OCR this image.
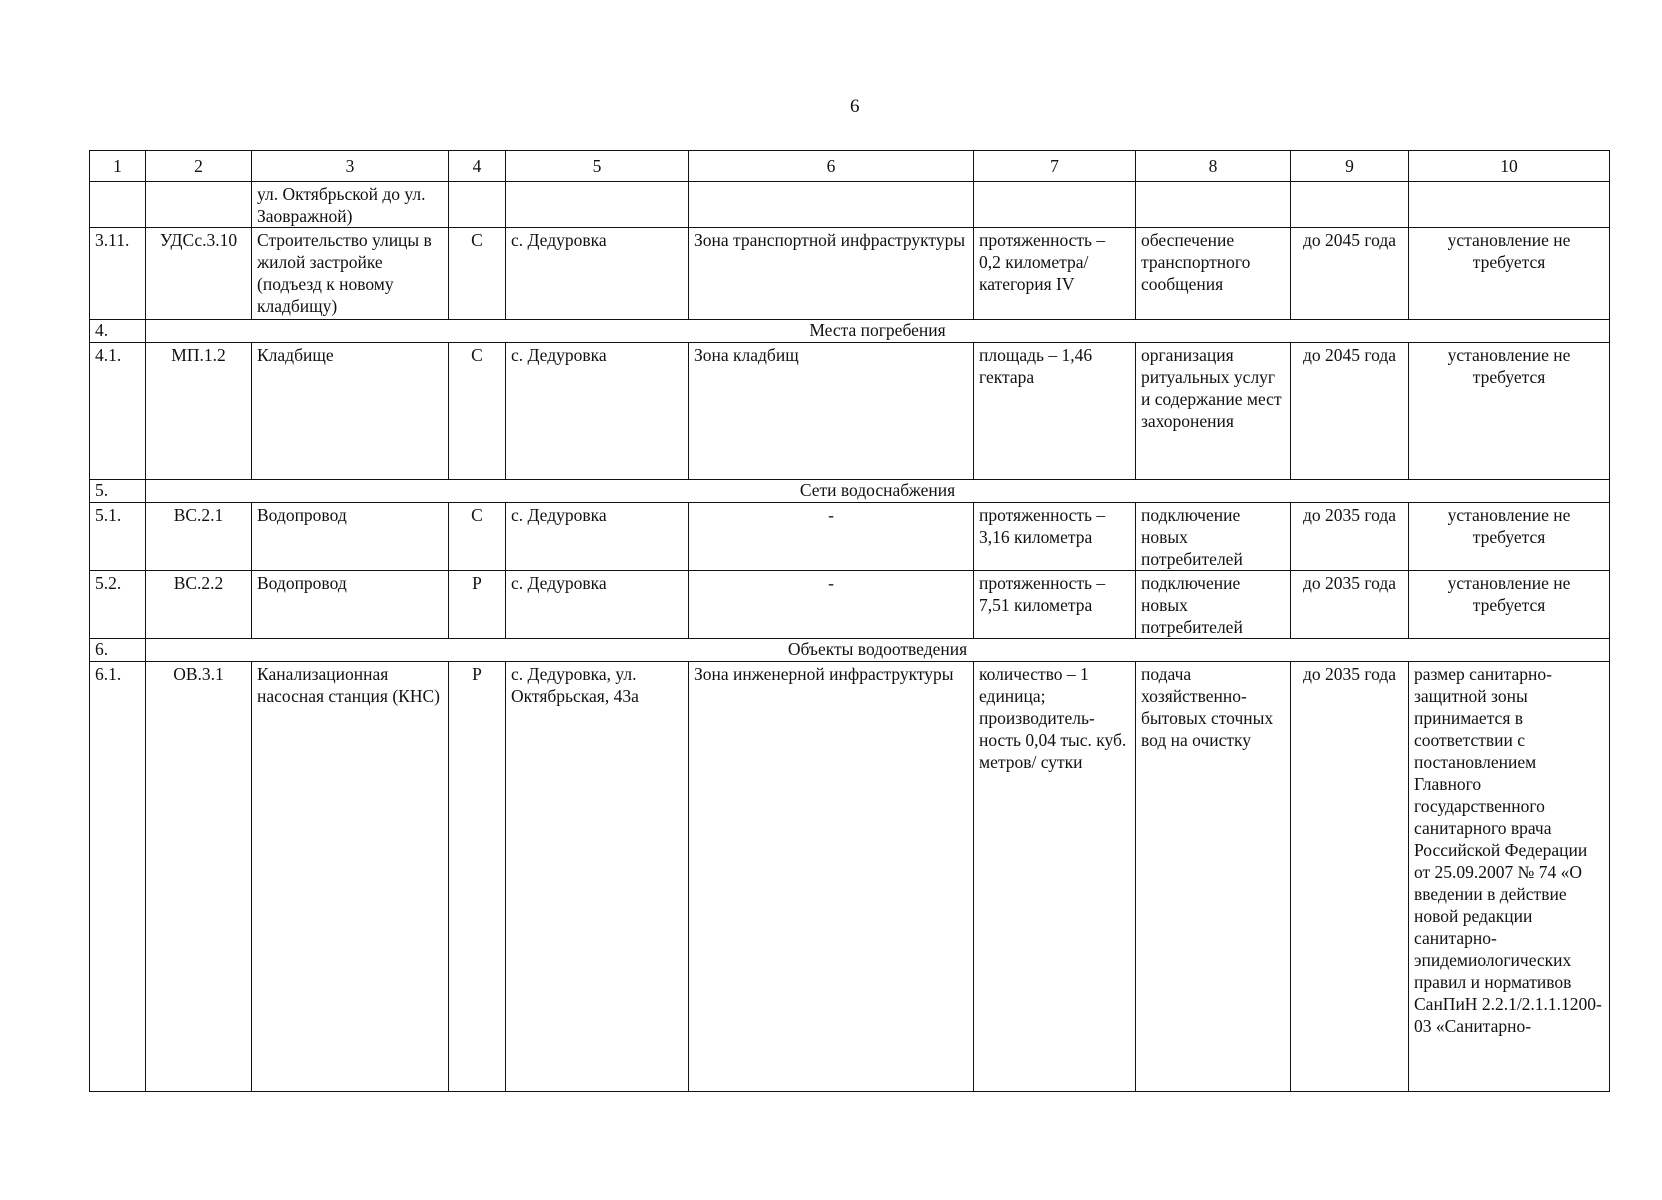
6
1	2	3	4	5	6	7	8	9	10
		ул. Октябрьской до ул. Заовражной)							
3.11.	УДСс.3.10	Строительство улицы в жилой застройке (подъезд к новому кладбищу)	С	с. Дедуровка	Зона транспортной инфраструктуры	протяженность – 0,2 километра/ категория IV	обеспечение транспортного сообщения	до 2045 года	установление не требуется
4.	Места погребения								
4.1.	МП.1.2	Кладбище	С	с. Дедуровка	Зона кладбищ	площадь – 1,46 гектара	организация ритуальных услуг и содержание мест захоронения	до 2045 года	установление не требуется
5.	Сети водоснабжения								
5.1.	ВС.2.1	Водопровод	С	с. Дедуровка	-	протяженность – 3,16 километра	подключение новых потребителей	до 2035 года	установление не требуется
5.2.	ВС.2.2	Водопровод	Р	с. Дедуровка	-	протяженность – 7,51 километра	подключение новых потребителей	до 2035 года	установление не требуется
6.	Объекты водоотведения								
6.1.	ОВ.3.1	Канализационная насосная станция (КНС)	Р	с. Дедуровка, ул. Октябрьская, 43а	Зона инженерной инфраструктуры	количество – 1 единица; производитель-ность 0,04 тыс. куб. метров/ сутки	подача хозяйственно-бытовых сточных вод на очистку	до 2035 года	размер санитарно-защитной зоны принимается в соответствии с постановлением Главного государственного санитарного врача Российской Федерации от 25.09.2007 № 74 «О введении в действие новой редакции санитарно-эпидемиологических правил и нормативов СанПиН 2.2.1/2.1.1.1200-03 «Санитарно-
